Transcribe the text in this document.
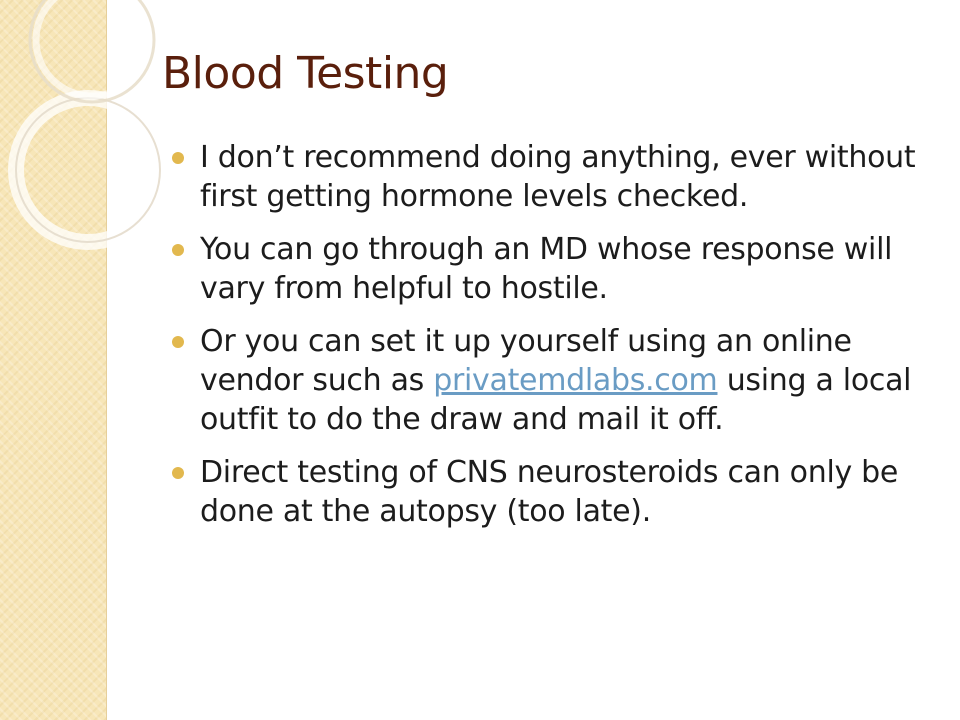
Blood Testing
I don’t recommend doing anything, ever without first getting hormone levels checked.
You can go through an MD whose response will vary from helpful to hostile.
Or you can set it up yourself using an online vendor such as privatemdlabs.com using a local outfit to do the draw and mail it off.
Direct testing of CNS neurosteroids can only be done at the autopsy (too late).
